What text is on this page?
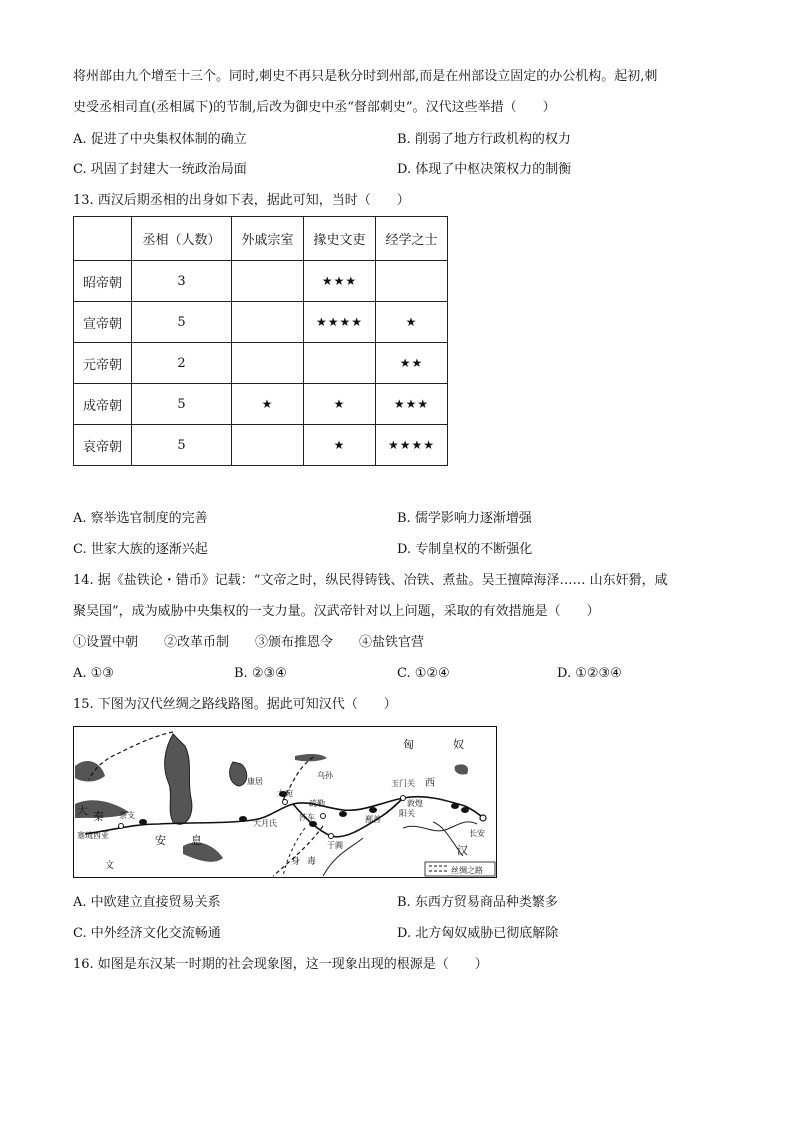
将州部由九个增至十三个。同时,刺史不再只是秋分时到州部,而是在州部设立固定的办公机构。起初,刺
史受丞相司直(丞相属下)的节制,后改为御史中丞“督部刺史”。汉代这些举措（　　）
A. 促进了中央集权体制的确立	B. 削弱了地方行政机构的权力
C. 巩固了封建大一统政治局面	D. 体现了中枢决策权力的制衡
13. 西汉后期丞相的出身如下表，据此可知，当时（　　）
	丞相（人数）	外戚宗室	掾史文吏	经学之士
昭帝朝	3		★★★	
宣帝朝	5		★★★★	★
元帝朝	2			★★
成帝朝	5	★	★	★★★
哀帝朝	5		★	★★★★
A. 察举选官制度的完善	B. 儒学影响力逐渐增强
C. 世家大族的逐渐兴起	D. 专制皇权的不断强化
14. 据《盐铁论・错币》记载：“文帝之时，纵民得铸钱、冶铁、煮盐。吴王擅障海泽…… 山东奸猾，咸
聚吴国”，成为威胁中央集权的一支力量。汉武帝针对以上问题，采取的有效措施是（　　）
①设置中朝　　②改革币制　　③颁布推恩令　　④盐铁官营
A. ①③	B. ②③④	C. ①②④	D. ①②③④
15. 下图为汉代丝绸之路线路图。据此可知汉代（　　）
匈	奴
西
汉
长安
玉门关
敦煌
阳关
鄯善
疏勒
于阗
莎车
大宛
大月氏
康居
乌孙
安 息
大 秦 条支
塞琉西亚
身 毒
文	丝绸之路
A. 中欧建立直接贸易关系	B. 东西方贸易商品种类繁多
C. 中外经济文化交流畅通	D. 北方匈奴威胁已彻底解除
16. 如图是东汉某一时期的社会现象图，这一现象出现的根源是（　　）
